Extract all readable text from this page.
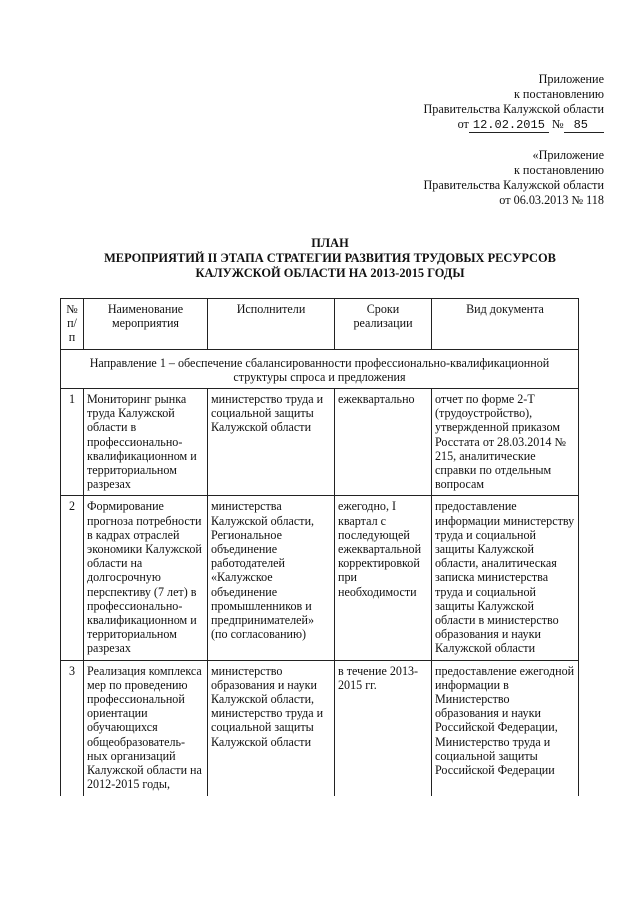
Приложение
к постановлению
Правительства Калужской области
от 12.02.2015 № 85
«Приложение
к постановлению
Правительства Калужской области
от 06.03.2013 № 118
ПЛАН
МЕРОПРИЯТИЙ II ЭТАПА СТРАТЕГИИ РАЗВИТИЯ ТРУДОВЫХ РЕСУРСОВ
КАЛУЖСКОЙ ОБЛАСТИ НА 2013-2015 ГОДЫ
№ п/п	Наименование мероприятия	Исполнители	Сроки реализации	Вид документа
Направление 1 – обеспечение сбалансированности профессионально-квалификационной структуры спроса и предложения				
1	Мониторинг рынка труда Калужской области в профессионально-квалификационном и территориальном разрезах	министерство труда и социальной защиты Калужской области	ежеквартально	отчет по форме 2-Т (трудоустройство), утвержденной приказом Росстата от 28.03.2014 № 215, аналитические справки по отдельным вопросам
2	Формирование прогноза потребности в кадрах отраслей экономики Калужской области на долгосрочную перспективу (7 лет) в профессионально-квалификационном и территориальном разрезах	министерства Калужской области, Региональное объединение работодателей «Калужское объединение промышленников и предпринимателей» (по согласованию)	ежегодно, I квартал с последующей ежеквартальной корректировкой при необходимости	предоставление информации министерству труда и социальной защиты Калужской области, аналитическая записка министерства труда и социальной защиты Калужской области в министерство образования и науки Калужской области
3	Реализация комплекса мер по проведению профессиональной ориентации обучающихся общеобразователь-ных организаций Калужской области на 2012-2015 годы,	министерство образования и науки Калужской области, министерство труда и социальной защиты Калужской области	в течение 2013-2015 гг.	предоставление ежегодной информации в Министерство образования и науки Российской Федерации, Министерство труда и социальной защиты Российской Федерации
